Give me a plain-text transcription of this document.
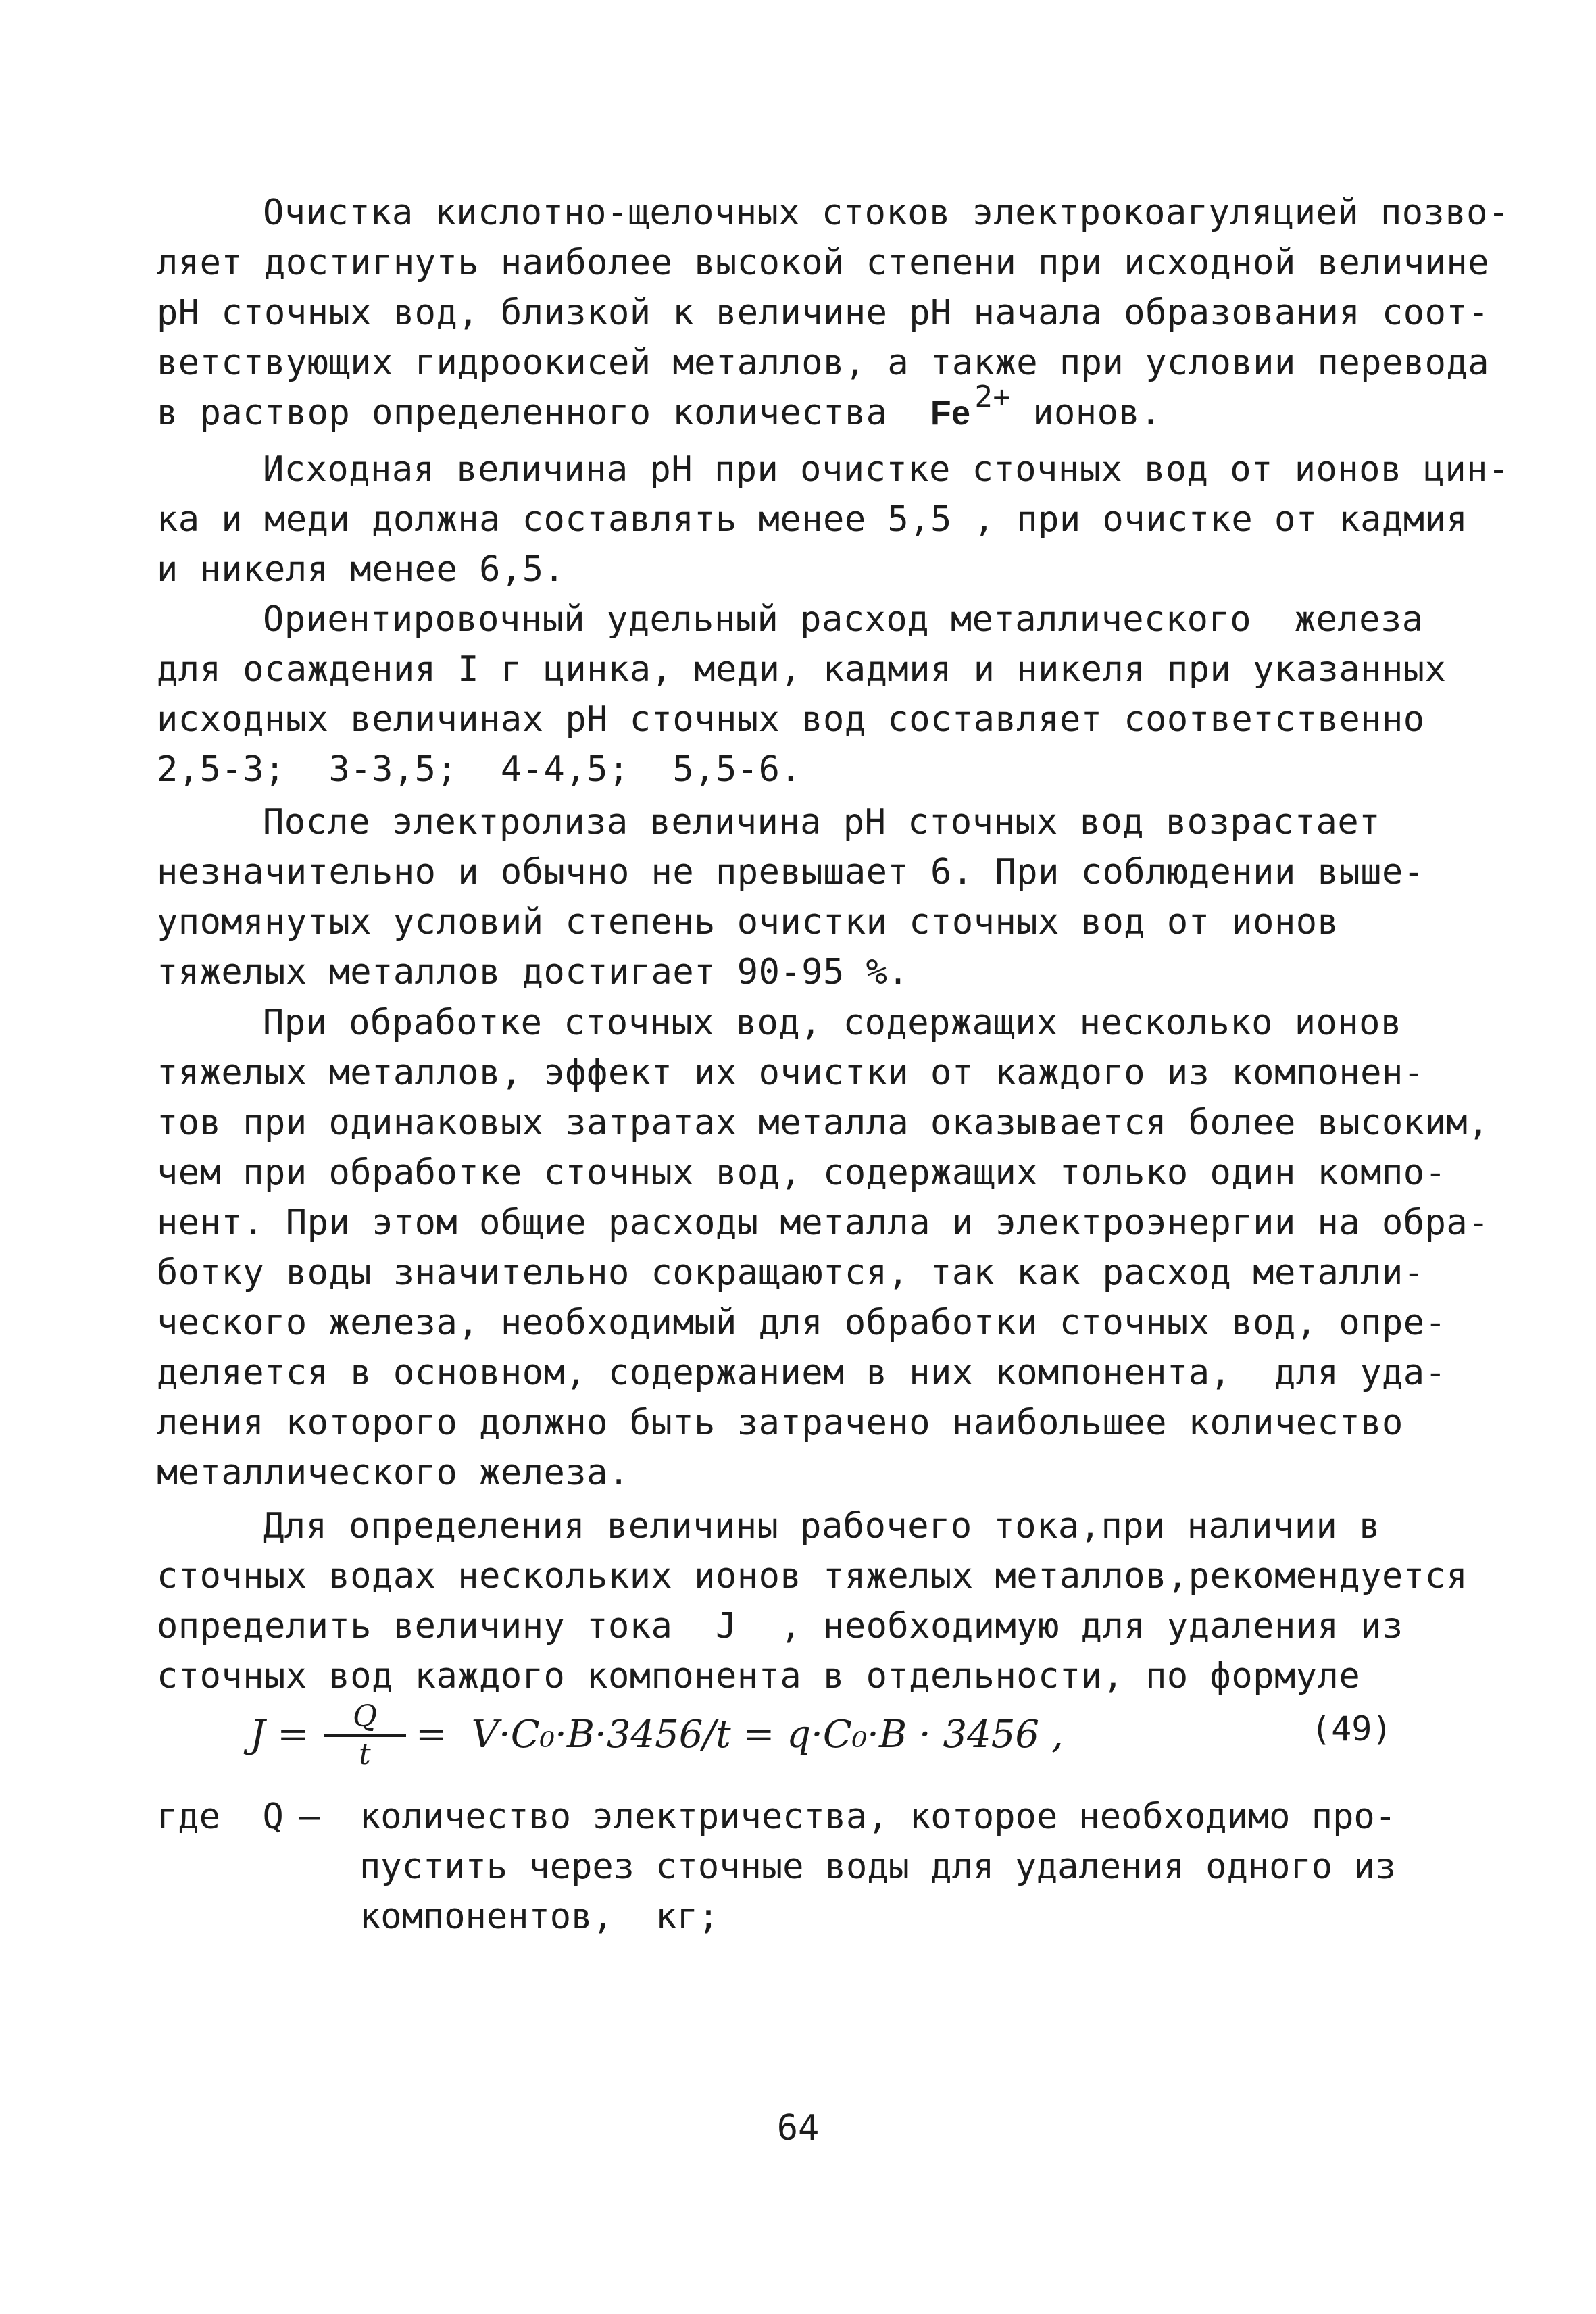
Очистка кислотно-щелочных стоков электрокоагуляцией позво-
ляет достигнуть наиболее высокой степени при исходной величине
рН сточных вод, близкой к величине рН начала образования соот-
ветствующих гидроокисей металлов, а также при условии перевода
в раствор определенного количества  Fe $^{2+}$ ионов.
Исходная величина рН при очистке сточных вод от ионов цин-
ка и меди должна составлять менее 5,5 , при очистке от кадмия
и никеля менее 6,5.
Ориентировочный удельный расход металлического  железа
для осаждения I г цинка, меди, кадмия и никеля при указанных
исходных величинах рН сточных вод составляет соответственно
2,5-3;  3-3,5;  4-4,5;  5,5-6.
После электролиза величина рН сточных вод возрастает
незначительно и обычно не превышает 6. При соблюдении выше-
упомянутых условий степень очистки сточных вод от ионов
тяжелых металлов достигает 90-95 %.
При обработке сточных вод, содержащих несколько ионов
тяжелых металлов, эффект их очистки от каждого из компонен-
тов при одинаковых затратах металла оказывается более высоким,
чем при обработке сточных вод, содержащих только один компо-
нент. При этом общие расходы металла и электроэнергии на обра-
ботку воды значительно сокращаются, так как расход металли-
ческого железа, необходимый для обработки сточных вод, опре-
деляется в основном, содержанием в них компонента,  для уда-
ления которого должно быть затрачено наибольшее количество
металлического железа.
Для определения величины рабочего тока,при наличии в
сточных водах нескольких ионов тяжелых металлов,рекомендуется
определить величину тока  J  , необходимую для удаления из
сточных вод каждого компонента в отдельности, по формуле
J =	Q
t	=  V·C₀·B·3456/t = q·C₀·B · 3456 ,	(49)
где Q – количество электричества, которое необходимо про-
пустить через сточные воды для удаления одного из
компонентов,  кг;
64
